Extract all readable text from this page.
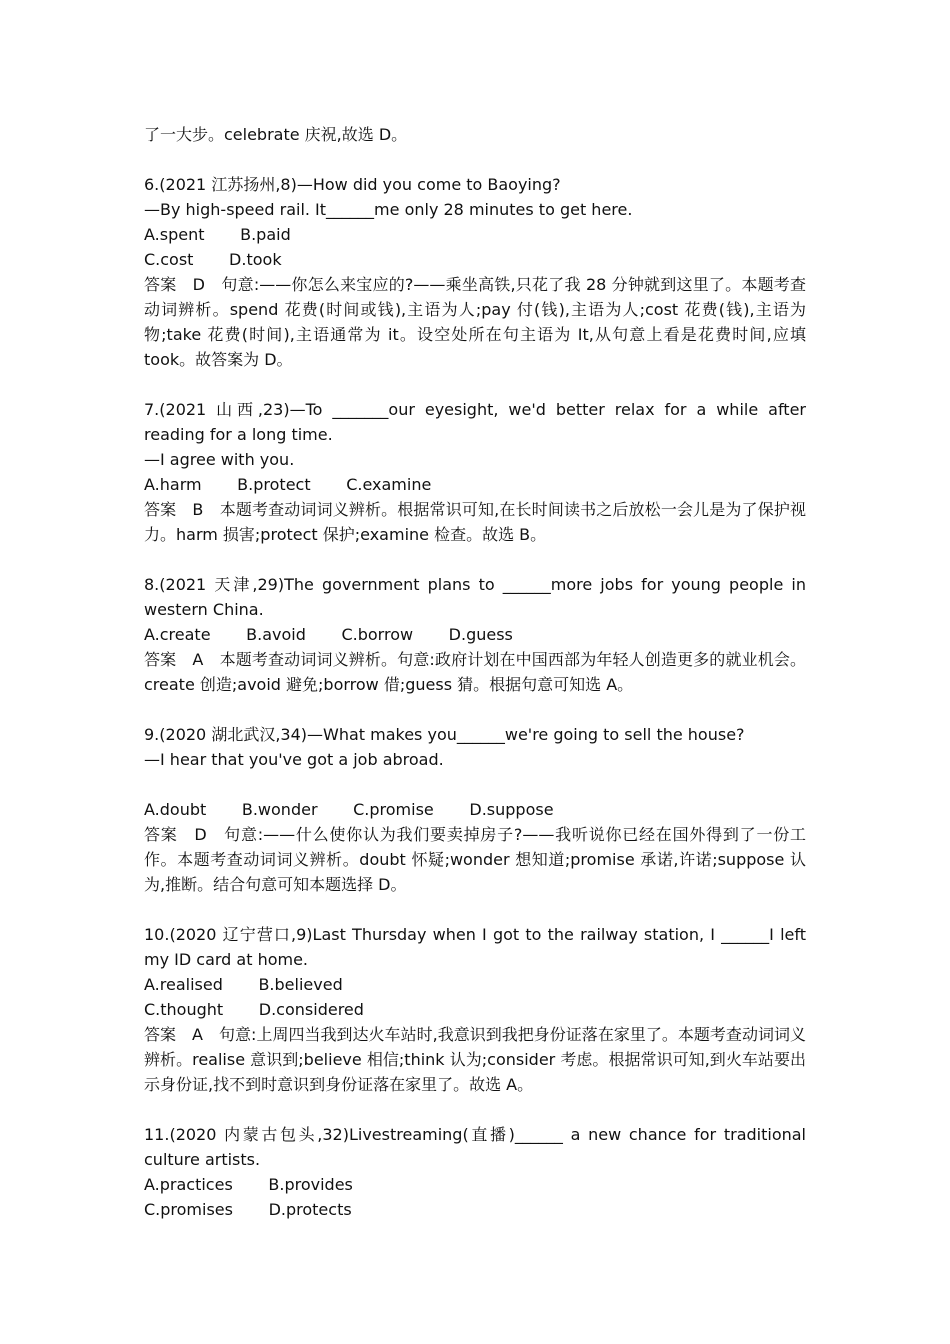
了一大步。celebrate 庆祝,故选 D。
6.(2021 江苏扬州,8)—How did you come to Baoying?
—By high-speed rail. It______me only 28 minutes to get here.
A.spent       B.paid
C.cost       D.took
答案　D　句意:——你怎么来宝应的?——乘坐高铁,只花了我 28 分钟就到这里了。本题考查动词辨析。spend 花费(时间或钱),主语为人;pay 付(钱),主语为人;cost 花费(钱),主语为物;take 花费(时间),主语通常为 it。设空处所在句主语为 It,从句意上看是花费时间,应填 took。故答案为 D。
7.(2021 山西,23)—To _______our eyesight, we'd better relax for a while after reading for a long time.
—I agree with you.
A.harm       B.protect       C.examine
答案　B　本题考查动词词义辨析。根据常识可知,在长时间读书之后放松一会儿是为了保护视力。harm 损害;protect 保护;examine 检查。故选 B。
8.(2021 天津,29)The government plans to ______more jobs for young people in western China.
A.create       B.avoid       C.borrow       D.guess
答案　A　本题考查动词词义辨析。句意:政府计划在中国西部为年轻人创造更多的就业机会。create 创造;avoid 避免;borrow 借;guess 猜。根据句意可知选 A。
9.(2020 湖北武汉,34)—What makes you______we're going to sell the house?
—I hear that you've got a job abroad.
A.doubt       B.wonder       C.promise       D.suppose
答案　D　句意:——什么使你认为我们要卖掉房子?——我听说你已经在国外得到了一份工作。本题考查动词词义辨析。doubt 怀疑;wonder 想知道;promise 承诺,许诺;suppose 认为,推断。结合句意可知本题选择 D。
10.(2020 辽宁营口,9)Last Thursday when I got to the railway station, I ______I left my ID card at home.
A.realised       B.believed
C.thought       D.considered
答案　A　句意:上周四当我到达火车站时,我意识到我把身份证落在家里了。本题考查动词词义辨析。realise 意识到;believe 相信;think 认为;consider 考虑。根据常识可知,到火车站要出示身份证,找不到时意识到身份证落在家里了。故选 A。
11.(2020 内蒙古包头,32)Livestreaming(直播)______ a new chance for traditional culture artists.
A.practices       B.provides
C.promises       D.protects
